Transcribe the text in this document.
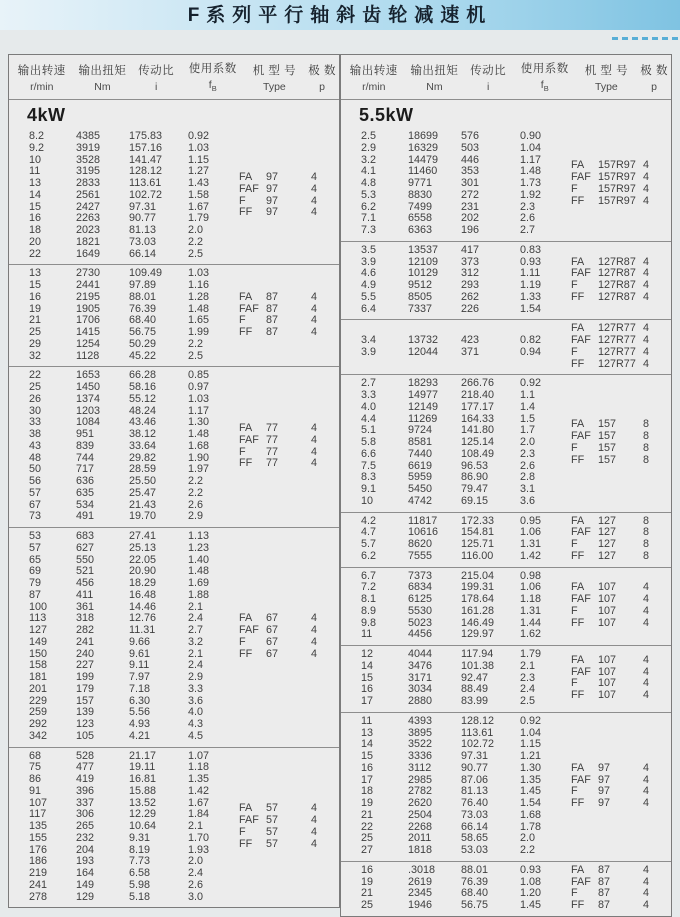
F系列平行轴斜齿轮减速机
输出转速
r/min
输出扭矩
Nm
传动比
i
使用系数
$f_B$
机 型 号
Type
极 数
p
4kW
8.2	4385	175.83	0.92
9.2	3919	157.16	1.03
10	3528	141.47	1.15
11	3195	128.12	1.27
13	2833	113.61	1.43
14	2561	102.72	1.58
15	2427	97.31	1.67
16	2263	90.77	1.79
18	2023	81.13	2.0
20	1821	73.03	2.2
22	1649	66.14	2.5
FA	97	4
FAF 97	4
F	97	4
FF	97	4
13	2730	109.49	1.03
15	2441	97.89	1.16
16	2195	88.01	1.28
19	1905	76.39	1.48
21	1706	68.40	1.65
25	1415	56.75	1.99
29	1254	50.29	2.2
32	1128	45.22	2.5
FA	87	4
FAF 87	4
F	87	4
FF	87	4
22	1653	66.28	0.85
25	1450	58.16	0.97
26	1374	55.12	1.03
30	1203	48.24	1.17
33	1084	43.46	1.30
38	951	38.12	1.48
43	839	33.64	1.68
48	744	29.82	1.90
50	717	28.59	1.97
56	636	25.50	2.2
57	635	25.47	2.2
67	534	21.43	2.6
73	491	19.70	2.9
FA	77	4
FAF 77	4
F	77	4
FF	77	4
53	683	27.41	1.13
57	627	25.13	1.23
65	550	22.05	1.40
69	521	20.90	1.48
79	456	18.29	1.69
87	411	16.48	1.88
100	361	14.46	2.1
113	318	12.76	2.4
127	282	11.31	2.7
149	241	9.66	3.2
150	240	9.61	2.1
158	227	9.11	2.4
181	199	7.97	2.9
201	179	7.18	3.3
229	157	6.30	3.6
259	139	5.56	4.0
292	123	4.93	4.3
342	105	4.21	4.5
FA	67	4
FAF 67	4
F	67	4
FF	67	4
68	528	21.17	1.07
75	477	19.11	1.18
86	419	16.81	1.35
91	396	15.88	1.42
107	337	13.52	1.67
117	306	12.29	1.84
135	265	10.64	2.1
155	232	9.31	1.70
176	204	8.19	1.93
186	193	7.73	2.0
219	164	6.58	2.4
241	149	5.98	2.6
278	129	5.18	3.0
FA	57	4
FAF 57	4
F	57	4
FF	57	4
输出转速
r/min
输出扭矩
Nm
传动比
i
使用系数
$f_B$
机 型 号
Type
极 数
p
5.5kW
2.5	18699	576	0.90
2.9	16329	503	1.04
3.2	14479	446	1.17
4.1	11460	353	1.48
4.8	9771	301	1.73
5.3	8830	272	1.92
6.2	7499	231	2.3
7.1	6558	202	2.6
7.3	6363	196	2.7
FA	157R97 4
FAF 157R97 4
F	157R97 4
FF	157R97 4
3.5	13537	417	0.83
3.9	12109	373	0.93
4.6	10129	312	1.11
4.9	9512	293	1.19
5.5	8505	262	1.33
6.4	7337	226	1.54
FA	127R87 4
FAF 127R87 4
F	127R87 4
FF	127R87 4
3.4	13732	423	0.82
3.9	12044	371	0.94
FA	127R77 4
FAF 127R77 4
F	127R77 4
FF	127R77 4
2.7	18293	266.76	0.92
3.3	14977	218.40	1.1
4.0	12149	177.17	1.4
4.4	11269	164.33	1.5
5.1	9724	141.80	1.7
5.8	8581	125.14	2.0
6.6	7440	108.49	2.3
7.5	6619	96.53	2.6
8.3	5959	86.90	2.8
9.1	5450	79.47	3.1
10	4742	69.15	3.6
FA	157	8
FAF 157	8
F	157	8
FF	157	8
4.2	11817	172.33	0.95
4.7	10616	154.81	1.06
5.7	8620	125.71	1.31
6.2	7555	116.00	1.42
FA	127	8
FAF 127	8
F	127	8
FF	127	8
6.7	7373	215.04	0.98
7.2	6834	199.31	1.06
8.1	6125	178.64	1.18
8.9	5530	161.28	1.31
9.8	5023	146.49	1.44
11	4456	129.97	1.62
FA	107	4
FAF 107	4
F	107	4
FF	107	4
12	4044	117.94	1.79
14	3476	101.38	2.1
15	3171	92.47	2.3
16	3034	88.49	2.4
17	2880	83.99	2.5
FA	107	4
FAF 107	4
F	107	4
FF	107	4
11	4393	128.12	0.92
13	3895	113.61	1.04
14	3522	102.72	1.15
15	3336	97.31	1.21
16	3112	90.77	1.30
17	2985	87.06	1.35
18	2782	81.13	1.45
19	2620	76.40	1.54
21	2504	73.03	1.68
22	2268	66.14	1.78
25	2011	58.65	2.0
27	1818	53.03	2.2
FA	97	4
FAF 97	4
F	97	4
FF	97	4
16	.3018	88.01	0.93
19	2619	76.39	1.08
21	2345	68.40	1.20
25	1946	56.75	1.45
FA	87	4
FAF 87	4
F	87	4
FF	87	4
